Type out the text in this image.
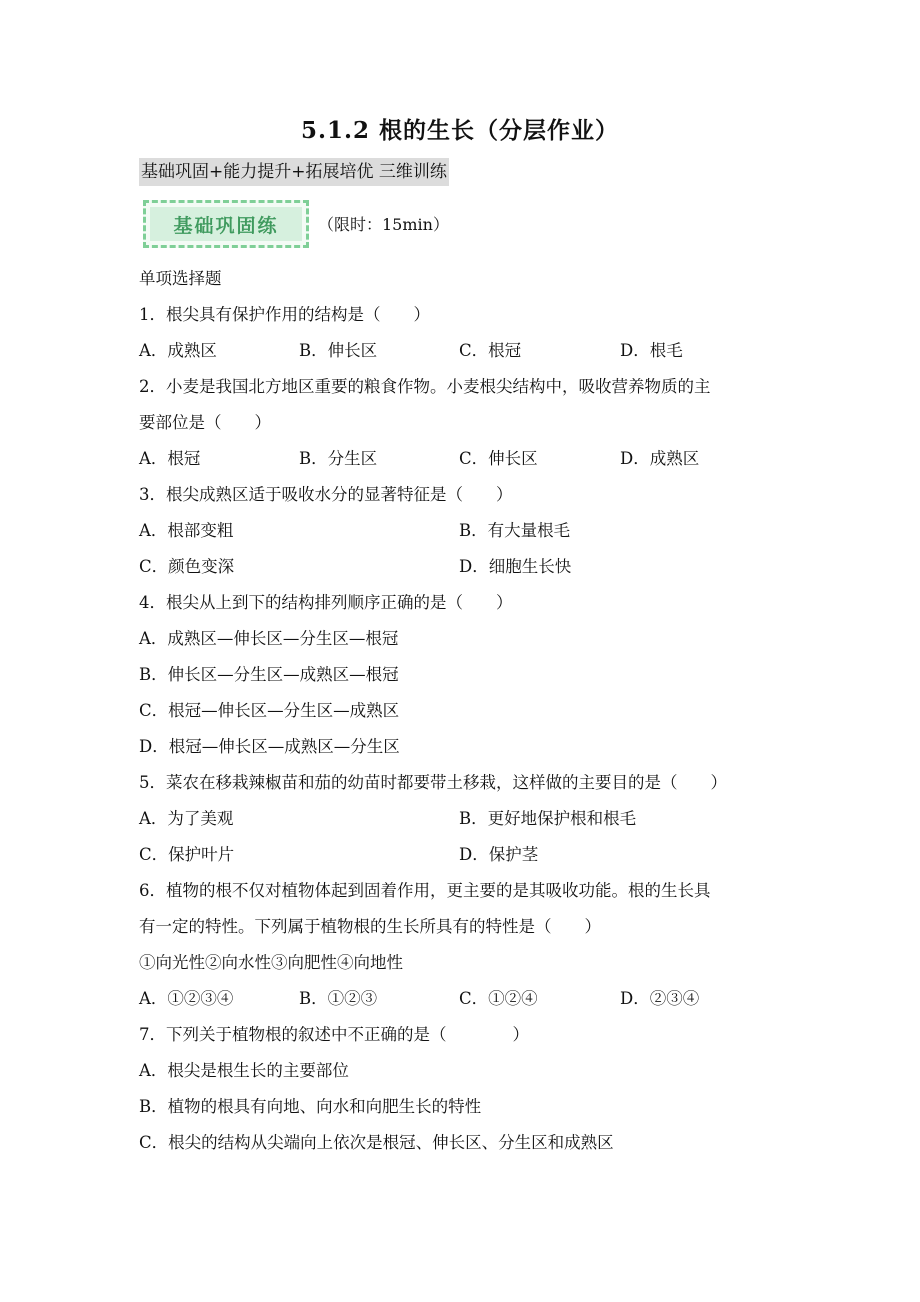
5.1.2 根的生长（分层作业）
基础巩固+能力提升+拓展培优 三维训练
基础巩固练	（限时：15min）
单项选择题
1．根尖具有保护作用的结构是（　　）
A．成熟区	B．伸长区	C．根冠	D．根毛
2．小麦是我国北方地区重要的粮食作物。小麦根尖结构中，吸收营养物质的主
要部位是（　　）
A．根冠	B．分生区	C．伸长区	D．成熟区
3．根尖成熟区适于吸收水分的显著特征是（　　）
A．根部变粗	B．有大量根毛
C．颜色变深	D．细胞生长快
4．根尖从上到下的结构排列顺序正确的是（　　）
A．成熟区—伸长区—分生区—根冠
B．伸长区—分生区—成熟区—根冠
C．根冠—伸长区—分生区—成熟区
D．根冠—伸长区—成熟区—分生区
5．菜农在移栽辣椒苗和茄的幼苗时都要带土移栽，这样做的主要目的是（　　）
A．为了美观	B．更好地保护根和根毛
C．保护叶片	D．保护茎
6．植物的根不仅对植物体起到固着作用，更主要的是其吸收功能。根的生长具
有一定的特性。下列属于植物根的生长所具有的特性是（　　）
①向光性②向水性③向肥性④向地性
A．①②③④	B．①②③	C．①②④	D．②③④
7．下列关于植物根的叙述中不正确的是（　　　　）
A．根尖是根生长的主要部位
B．植物的根具有向地、向水和向肥生长的特性
C．根尖的结构从尖端向上依次是根冠、伸长区、分生区和成熟区
